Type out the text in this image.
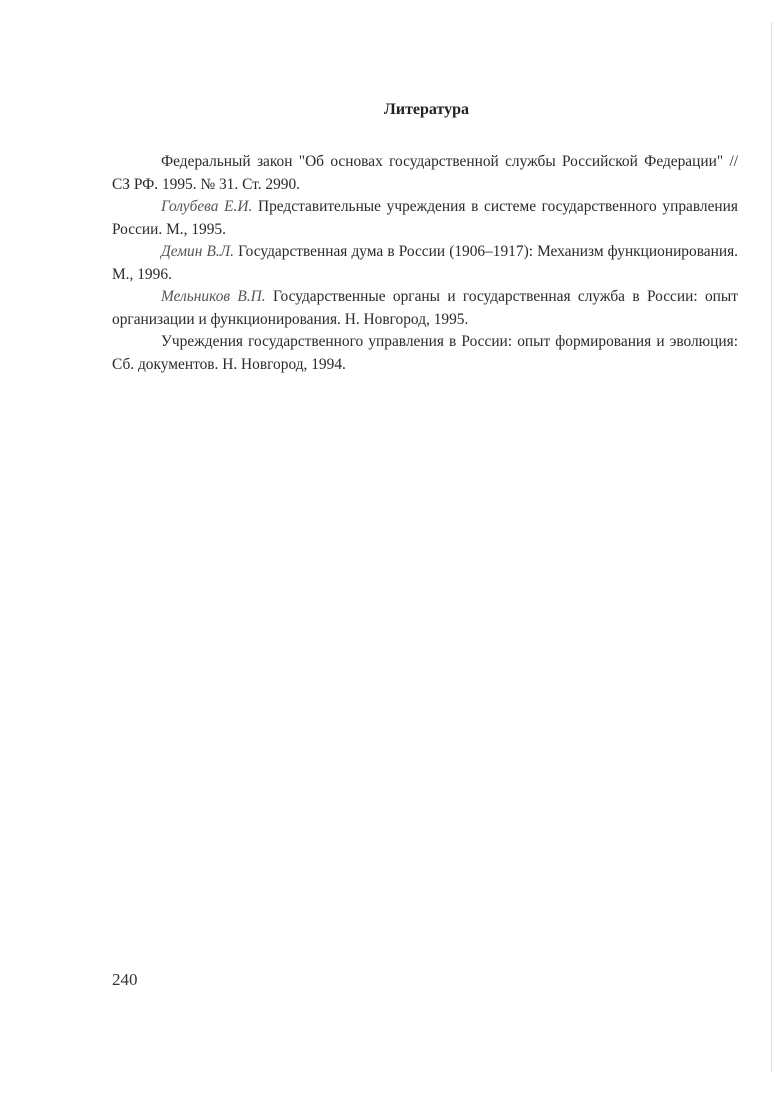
Литература

Федеральный закон "Об основах государственной службы Российской Федерации" // СЗ РФ. 1995. № 31. Ст. 2990.

Голубева Е.И. Представительные учреждения в системе государственного управления России. М., 1995.

Демин В.Л. Государственная дума в России (1906–1917): Механизм функционирования. М., 1996.

Мельников В.П. Государственные органы и государственная служба в России: опыт организации и функционирования. Н. Новгород, 1995.

Учреждения государственного управления в России: опыт формирования и эволюция: Сб. документов. Н. Новгород, 1994.

240
